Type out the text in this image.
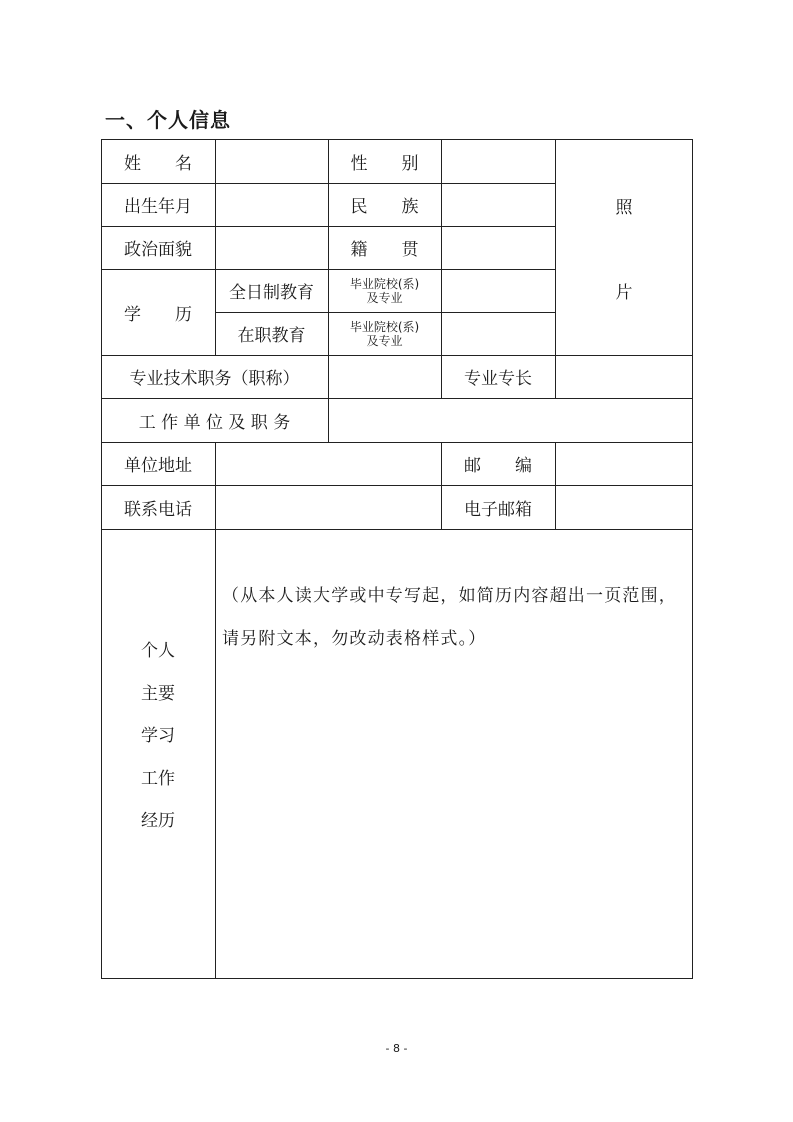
一、个人信息
姓　　名	性　　别
照
片
出生年月	民　　族
政治面貌	籍　　贯
学　　历
全日制教育	毕业院校(系)
及专业
在职教育	毕业院校(系)
及专业
专业技术职务（职称）	专业专长
工 作 单 位 及 职 务
单位地址	邮　　编
联系电话	电子邮箱
个人
主要
学习
工作
经历
（从本人读大学或中专写起，如简历内容超出一页范围，请另附文本，勿改动表格样式。）
- 8 -
